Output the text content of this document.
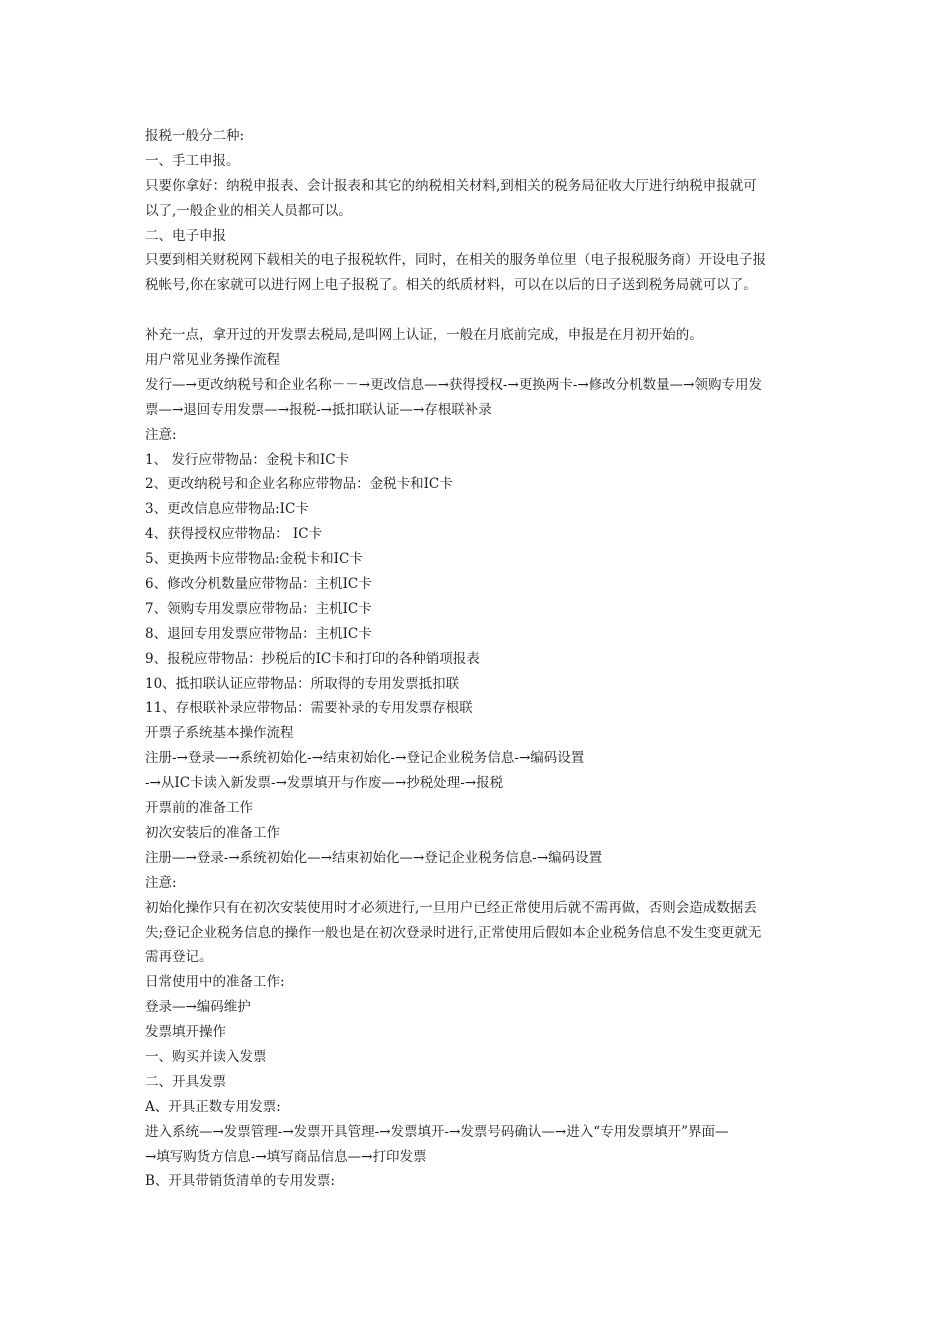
报税一般分二种:
一、手工申报。
只要你拿好：纳税申报表、会计报表和其它的纳税相关材料,到相关的税务局征收大厅进行纳税申报就可
以了,一般企业的相关人员都可以。
二、电子申报
只要到相关财税网下载相关的电子报税软件，同时，在相关的服务单位里（电子报税服务商）开设电子报
税帐号,你在家就可以进行网上电子报税了。相关的纸质材料，可以在以后的日子送到税务局就可以了。
补充一点，拿开过的开发票去税局,是叫网上认证，一般在月底前完成，申报是在月初开始的。
用户常见业务操作流程
发行—→更改纳税号和企业名称－－→更改信息—→获得授权-→更换两卡-→修改分机数量—→领购专用发
票—→退回专用发票—→报税-→抵扣联认证—→存根联补录
注意:
1、 发行应带物品：金税卡和IC卡
2、更改纳税号和企业名称应带物品：金税卡和IC卡
3、更改信息应带物品:IC卡
4、获得授权应带物品： IC卡
5、更换两卡应带物品:金税卡和IC卡
6、修改分机数量应带物品：主机IC卡
7、领购专用发票应带物品：主机IC卡
8、退回专用发票应带物品：主机IC卡
9、报税应带物品：抄税后的IC卡和打印的各种销项报表
10、抵扣联认证应带物品：所取得的专用发票抵扣联
11、存根联补录应带物品：需要补录的专用发票存根联
开票子系统基本操作流程
注册-→登录—→系统初始化-→结束初始化-→登记企业税务信息-→编码设置
-→从IC卡读入新发票-→发票填开与作废—→抄税处理-→报税
开票前的准备工作
初次安装后的准备工作
注册—→登录-→系统初始化—→结束初始化—→登记企业税务信息-→编码设置
注意:
初始化操作只有在初次安装使用时才必须进行,一旦用户已经正常使用后就不需再做，否则会造成数据丢
失;登记企业税务信息的操作一般也是在初次登录时进行,正常使用后假如本企业税务信息不发生变更就无
需再登记。
日常使用中的准备工作:
登录—→编码维护
发票填开操作
一、购买并读入发票
二、开具发票
A、开具正数专用发票:
进入系统—→发票管理-→发票开具管理-→发票填开-→发票号码确认—→进入“专用发票填开”界面—
→填写购货方信息-→填写商品信息—→打印发票
B、开具带销货清单的专用发票:
